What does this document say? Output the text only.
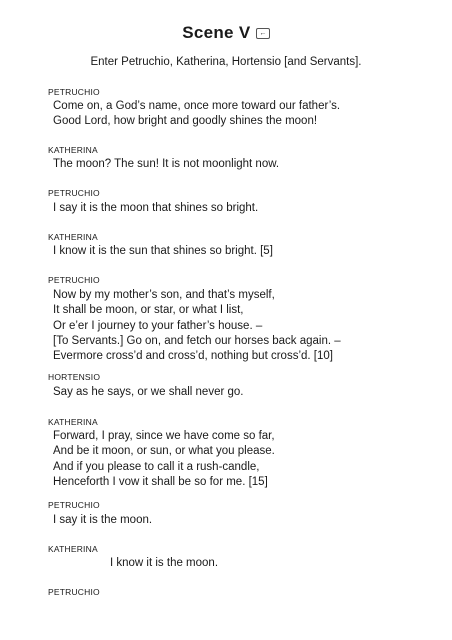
Scene V ←
Enter Petruchio, Katherina, Hortensio [and Servants].
PETRUCHIO
Come on, a God’s name, once more toward our father’s.
Good Lord, how bright and goodly shines the moon!
KATHERINA
The moon? The sun! It is not moonlight now.
PETRUCHIO
I say it is the moon that shines so bright.
KATHERINA
I know it is the sun that shines so bright. [5]
PETRUCHIO
Now by my mother’s son, and that’s myself,
It shall be moon, or star, or what I list,
Or e’er I journey to your father’s house. –
[To Servants.] Go on, and fetch our horses back again. –
Evermore cross’d and cross’d, nothing but cross’d. [10]
HORTENSIO
Say as he says, or we shall never go.
KATHERINA
Forward, I pray, since we have come so far,
And be it moon, or sun, or what you please.
And if you please to call it a rush-candle,
Henceforth I vow it shall be so for me. [15]
PETRUCHIO
I say it is the moon.
KATHERINA
I know it is the moon.
PETRUCHIO
